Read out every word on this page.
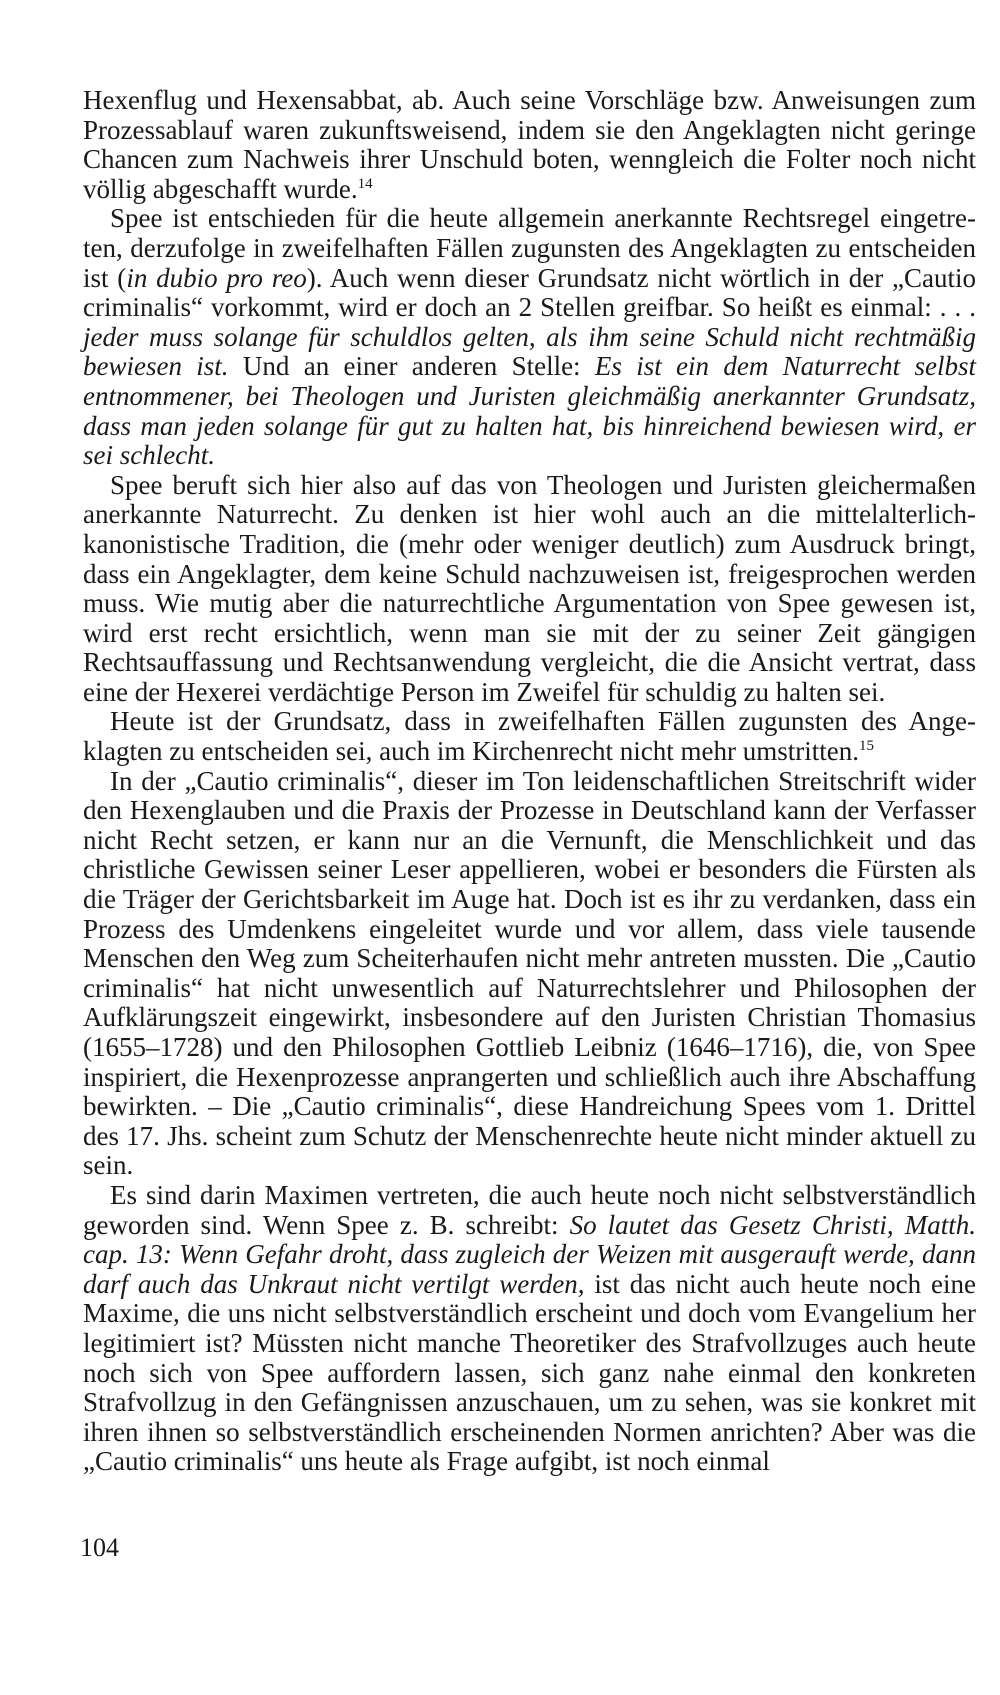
Hexenflug und Hexensabbat, ab. Auch seine Vorschläge bzw. Anweisungen zum Prozessablauf waren zukunftsweisend, indem sie den Angeklagten nicht geringe Chancen zum Nachweis ihrer Unschuld boten, wenngleich die Folter noch nicht völlig abgeschafft wurde.$^{14}$

Spee ist entschieden für die heute allgemein anerkannte Rechtsregel eingetreten, derzufolge in zweifelhaften Fällen zugunsten des Angeklagten zu entscheiden ist (in dubio pro reo). Auch wenn dieser Grundsatz nicht wörtlich in der „Cautio criminalis“ vorkommt, wird er doch an 2 Stellen greifbar. So heißt es einmal: . . . jeder muss solange für schuldlos gelten, als ihm seine Schuld nicht rechtmäßig bewiesen ist. Und an einer anderen Stelle: Es ist ein dem Naturrecht selbst entnommener, bei Theologen und Juristen gleichmäßig anerkannter Grundsatz, dass man jeden solange für gut zu halten hat, bis hinreichend bewiesen wird, er sei schlecht.

Spee beruft sich hier also auf das von Theologen und Juristen gleichermaßen anerkannte Naturrecht. Zu denken ist hier wohl auch an die mittelalterlich-kanonistische Tradition, die (mehr oder weniger deutlich) zum Ausdruck bringt, dass ein Angeklagter, dem keine Schuld nachzuweisen ist, freigesprochen werden muss. Wie mutig aber die naturrechtliche Argumentation von Spee gewesen ist, wird erst recht ersichtlich, wenn man sie mit der zu seiner Zeit gängigen Rechtsauffassung und Rechtsanwendung vergleicht, die die Ansicht vertrat, dass eine der Hexerei verdächtige Person im Zweifel für schuldig zu halten sei.

Heute ist der Grundsatz, dass in zweifelhaften Fällen zugunsten des Angeklagten zu entscheiden sei, auch im Kirchenrecht nicht mehr umstritten.$^{15}$

In der „Cautio criminalis“, dieser im Ton leidenschaftlichen Streitschrift wider den Hexenglauben und die Praxis der Prozesse in Deutschland kann der Verfasser nicht Recht setzen, er kann nur an die Vernunft, die Menschlichkeit und das christliche Gewissen seiner Leser appellieren, wobei er besonders die Fürsten als die Träger der Gerichtsbarkeit im Auge hat. Doch ist es ihr zu verdanken, dass ein Prozess des Umdenkens eingeleitet wurde und vor allem, dass viele tausende Menschen den Weg zum Scheiterhaufen nicht mehr antreten mussten. Die „Cautio criminalis“ hat nicht unwesentlich auf Naturrechtslehrer und Philosophen der Aufklärungszeit eingewirkt, insbesondere auf den Juristen Christian Thomasius (1655–1728) und den Philosophen Gottlieb Leibniz (1646–1716), die, von Spee inspiriert, die Hexenprozesse anprangerten und schließlich auch ihre Abschaffung bewirkten. – Die „Cautio criminalis“, diese Handreichung Spees vom 1. Drittel des 17. Jhs. scheint zum Schutz der Menschenrechte heute nicht minder aktuell zu sein.

Es sind darin Maximen vertreten, die auch heute noch nicht selbstverständlich geworden sind. Wenn Spee z. B. schreibt: So lautet das Gesetz Christi, Matth. cap. 13: Wenn Gefahr droht, dass zugleich der Weizen mit ausgerauft werde, dann darf auch das Unkraut nicht vertilgt werden, ist das nicht auch heute noch eine Maxime, die uns nicht selbstverständlich erscheint und doch vom Evangelium her legitimiert ist? Müssten nicht manche Theoretiker des Strafvollzuges auch heute noch sich von Spee auffordern lassen, sich ganz nahe einmal den konkreten Strafvollzug in den Gefängnissen anzuschauen, um zu sehen, was sie konkret mit ihren ihnen so selbstverständlich erscheinenden Normen anrichten? Aber was die „Cautio criminalis“ uns heute als Frage aufgibt, ist noch einmal

104
